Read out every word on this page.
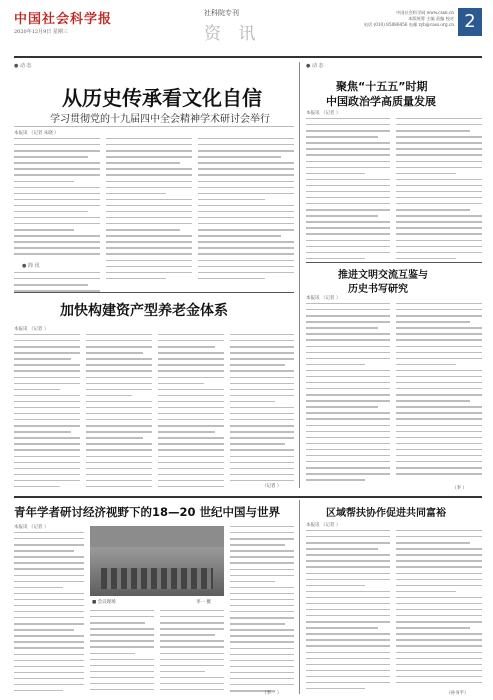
中国社会科学报
2020年12月9日 星期三
社科院专刊
资 讯
中国社会科学网 www.cssn.cn
本版统筹 主编 责编 校对
电话 (010) 85886456 电邮 zyb@cass.org.cn 2
● 动 态
从历史传承看文化自信
学习贯彻党的十九届四中全会精神学术研讨会举行
本报讯 （记者 朱晓 ）
● 简 讯
加快构建资产型养老金体系
本报讯 （记者 ）
（记者 ）
● 动 态
聚焦“十五五”时期
中国政治学高质量发展
本报讯 （记者 ）
推进文明交流互鉴与
历史书写研究
本报讯 （记者 ）
（李 ）
青年学者研讨经济视野下的18—20 世纪中国与世界
本报讯 （记者 ）
■ 会议现场	李一 摄
（李一 ）
区域帮扶协作促进共同富裕
本报讯 （记者 ）
（孙书平）
